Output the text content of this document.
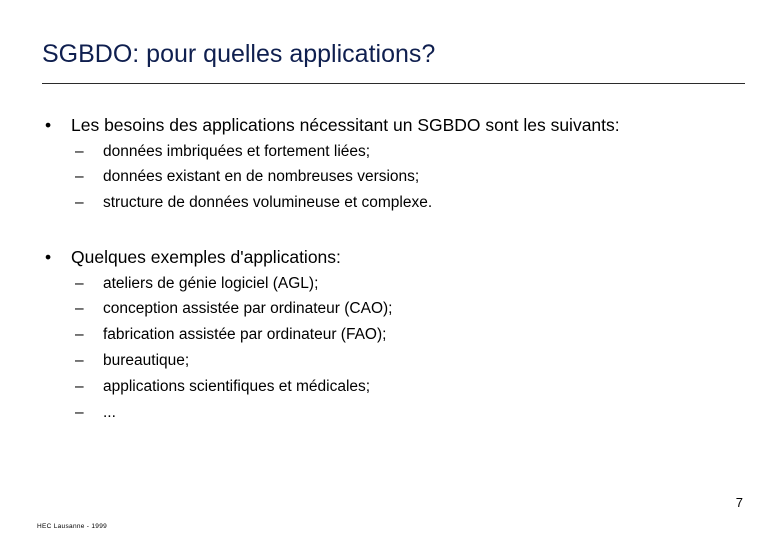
SGBDO: pour quelles applications?
• Les besoins des applications nécessitant un SGBDO sont les suivants:
– données imbriquées et fortement liées;
– données existant en de nombreuses versions;
– structure de données volumineuse et complexe.
• Quelques exemples d'applications:
– ateliers de génie logiciel (AGL);
– conception assistée par ordinateur (CAO);
– fabrication assistée par ordinateur (FAO);
– bureautique;
– applications scientifiques et médicales;
– ...
7
HEC Lausanne - 1999
